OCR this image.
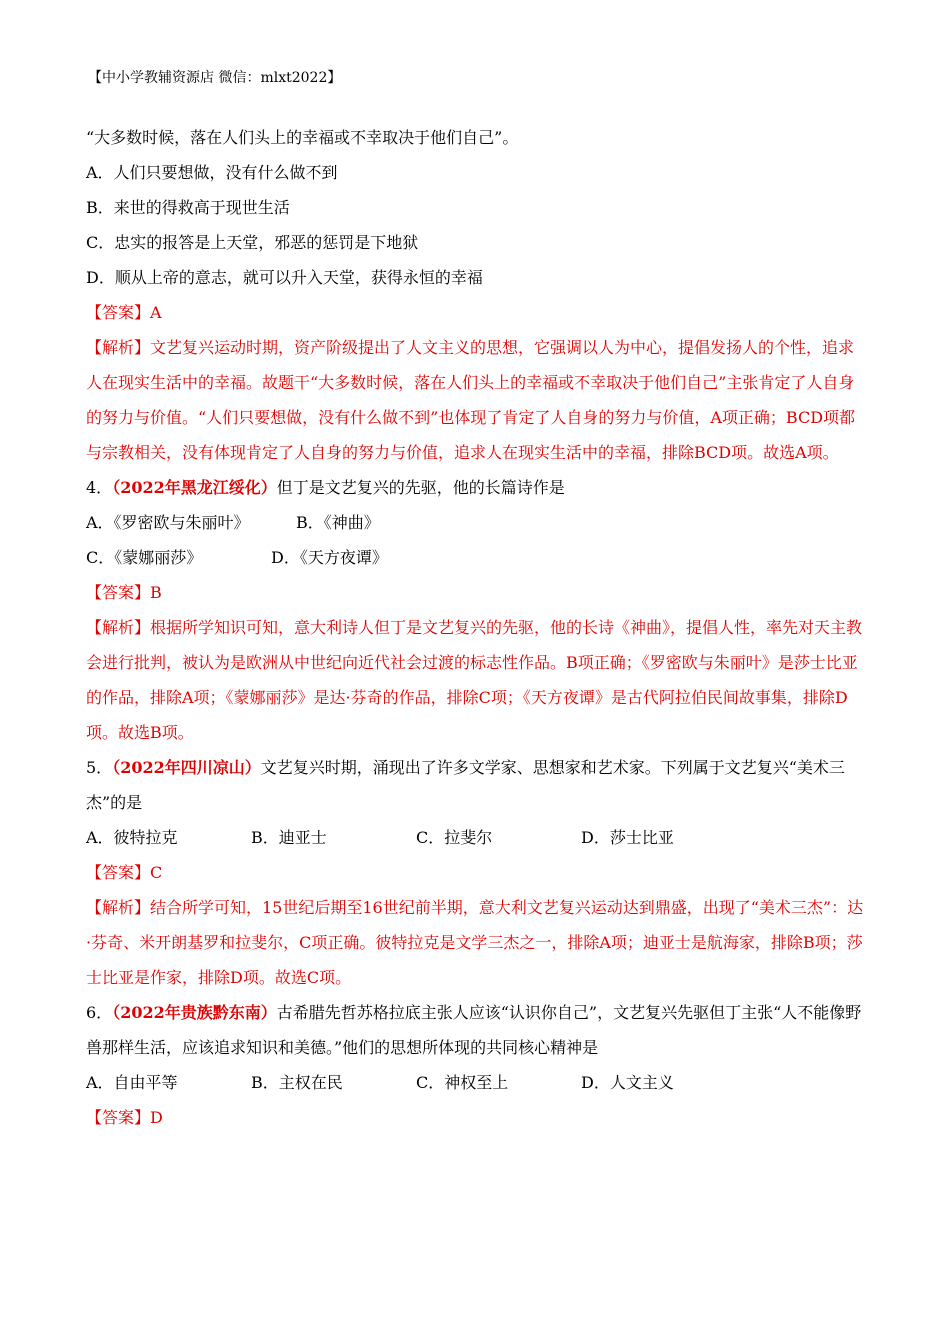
【中小学教辅资源店 微信：mlxt2022】

“大多数时候，落在人们头上的幸福或不幸取决于他们自己”。

A．人们只要想做，没有什么做不到

B．来世的得救高于现世生活

C．忠实的报答是上天堂，邪恶的惩罚是下地狱

D．顺从上帝的意志，就可以升入天堂，获得永恒的幸福

【答案】A

【解析】文艺复兴运动时期，资产阶级提出了人文主义的思想，它强调以人为中心，提倡发扬人的个性，追求人在现实生活中的幸福。故题干“大多数时候，落在人们头上的幸福或不幸取决于他们自己”主张肯定了人自身的努力与价值。“人们只要想做，没有什么做不到”也体现了肯定了人自身的努力与价值，A项正确；BCD项都与宗教相关，没有体现肯定了人自身的努力与价值，追求人在现实生活中的幸福，排除BCD项。故选A项。

4．（2022年黑龙江绥化）但丁是文艺复兴的先驱，他的长篇诗作是

A．《罗密欧与朱丽叶》	B．《神曲》

C．《蒙娜丽莎》	D．《天方夜谭》

【答案】B

【解析】根据所学知识可知，意大利诗人但丁是文艺复兴的先驱，他的长诗《神曲》，提倡人性，率先对天主教会进行批判，被认为是欧洲从中世纪向近代社会过渡的标志性作品。B项正确；《罗密欧与朱丽叶》是莎士比亚的作品，排除A项；《蒙娜丽莎》是达·芬奇的作品，排除C项；《天方夜谭》是古代阿拉伯民间故事集，排除D项。故选B项。

5．（2022年四川凉山）文艺复兴时期，涌现出了许多文学家、思想家和艺术家。下列属于文艺复兴“美术三杰”的是

A．彼特拉克	B．迪亚士	C．拉斐尔	D．莎士比亚

【答案】C

【解析】结合所学可知，15世纪后期至16世纪前半期，意大利文艺复兴运动达到鼎盛，出现了“美术三杰”：达·芬奇、米开朗基罗和拉斐尔，C项正确。彼特拉克是文学三杰之一，排除A项；迪亚士是航海家，排除B项；莎士比亚是作家，排除D项。故选C项。

6．（2022年贵族黔东南）古希腊先哲苏格拉底主张人应该“认识你自己”，文艺复兴先驱但丁主张“人不能像野兽那样生活，应该追求知识和美德。”他们的思想所体现的共同核心精神是

A．自由平等	B．主权在民	C．神权至上	D．人文主义

【答案】D
